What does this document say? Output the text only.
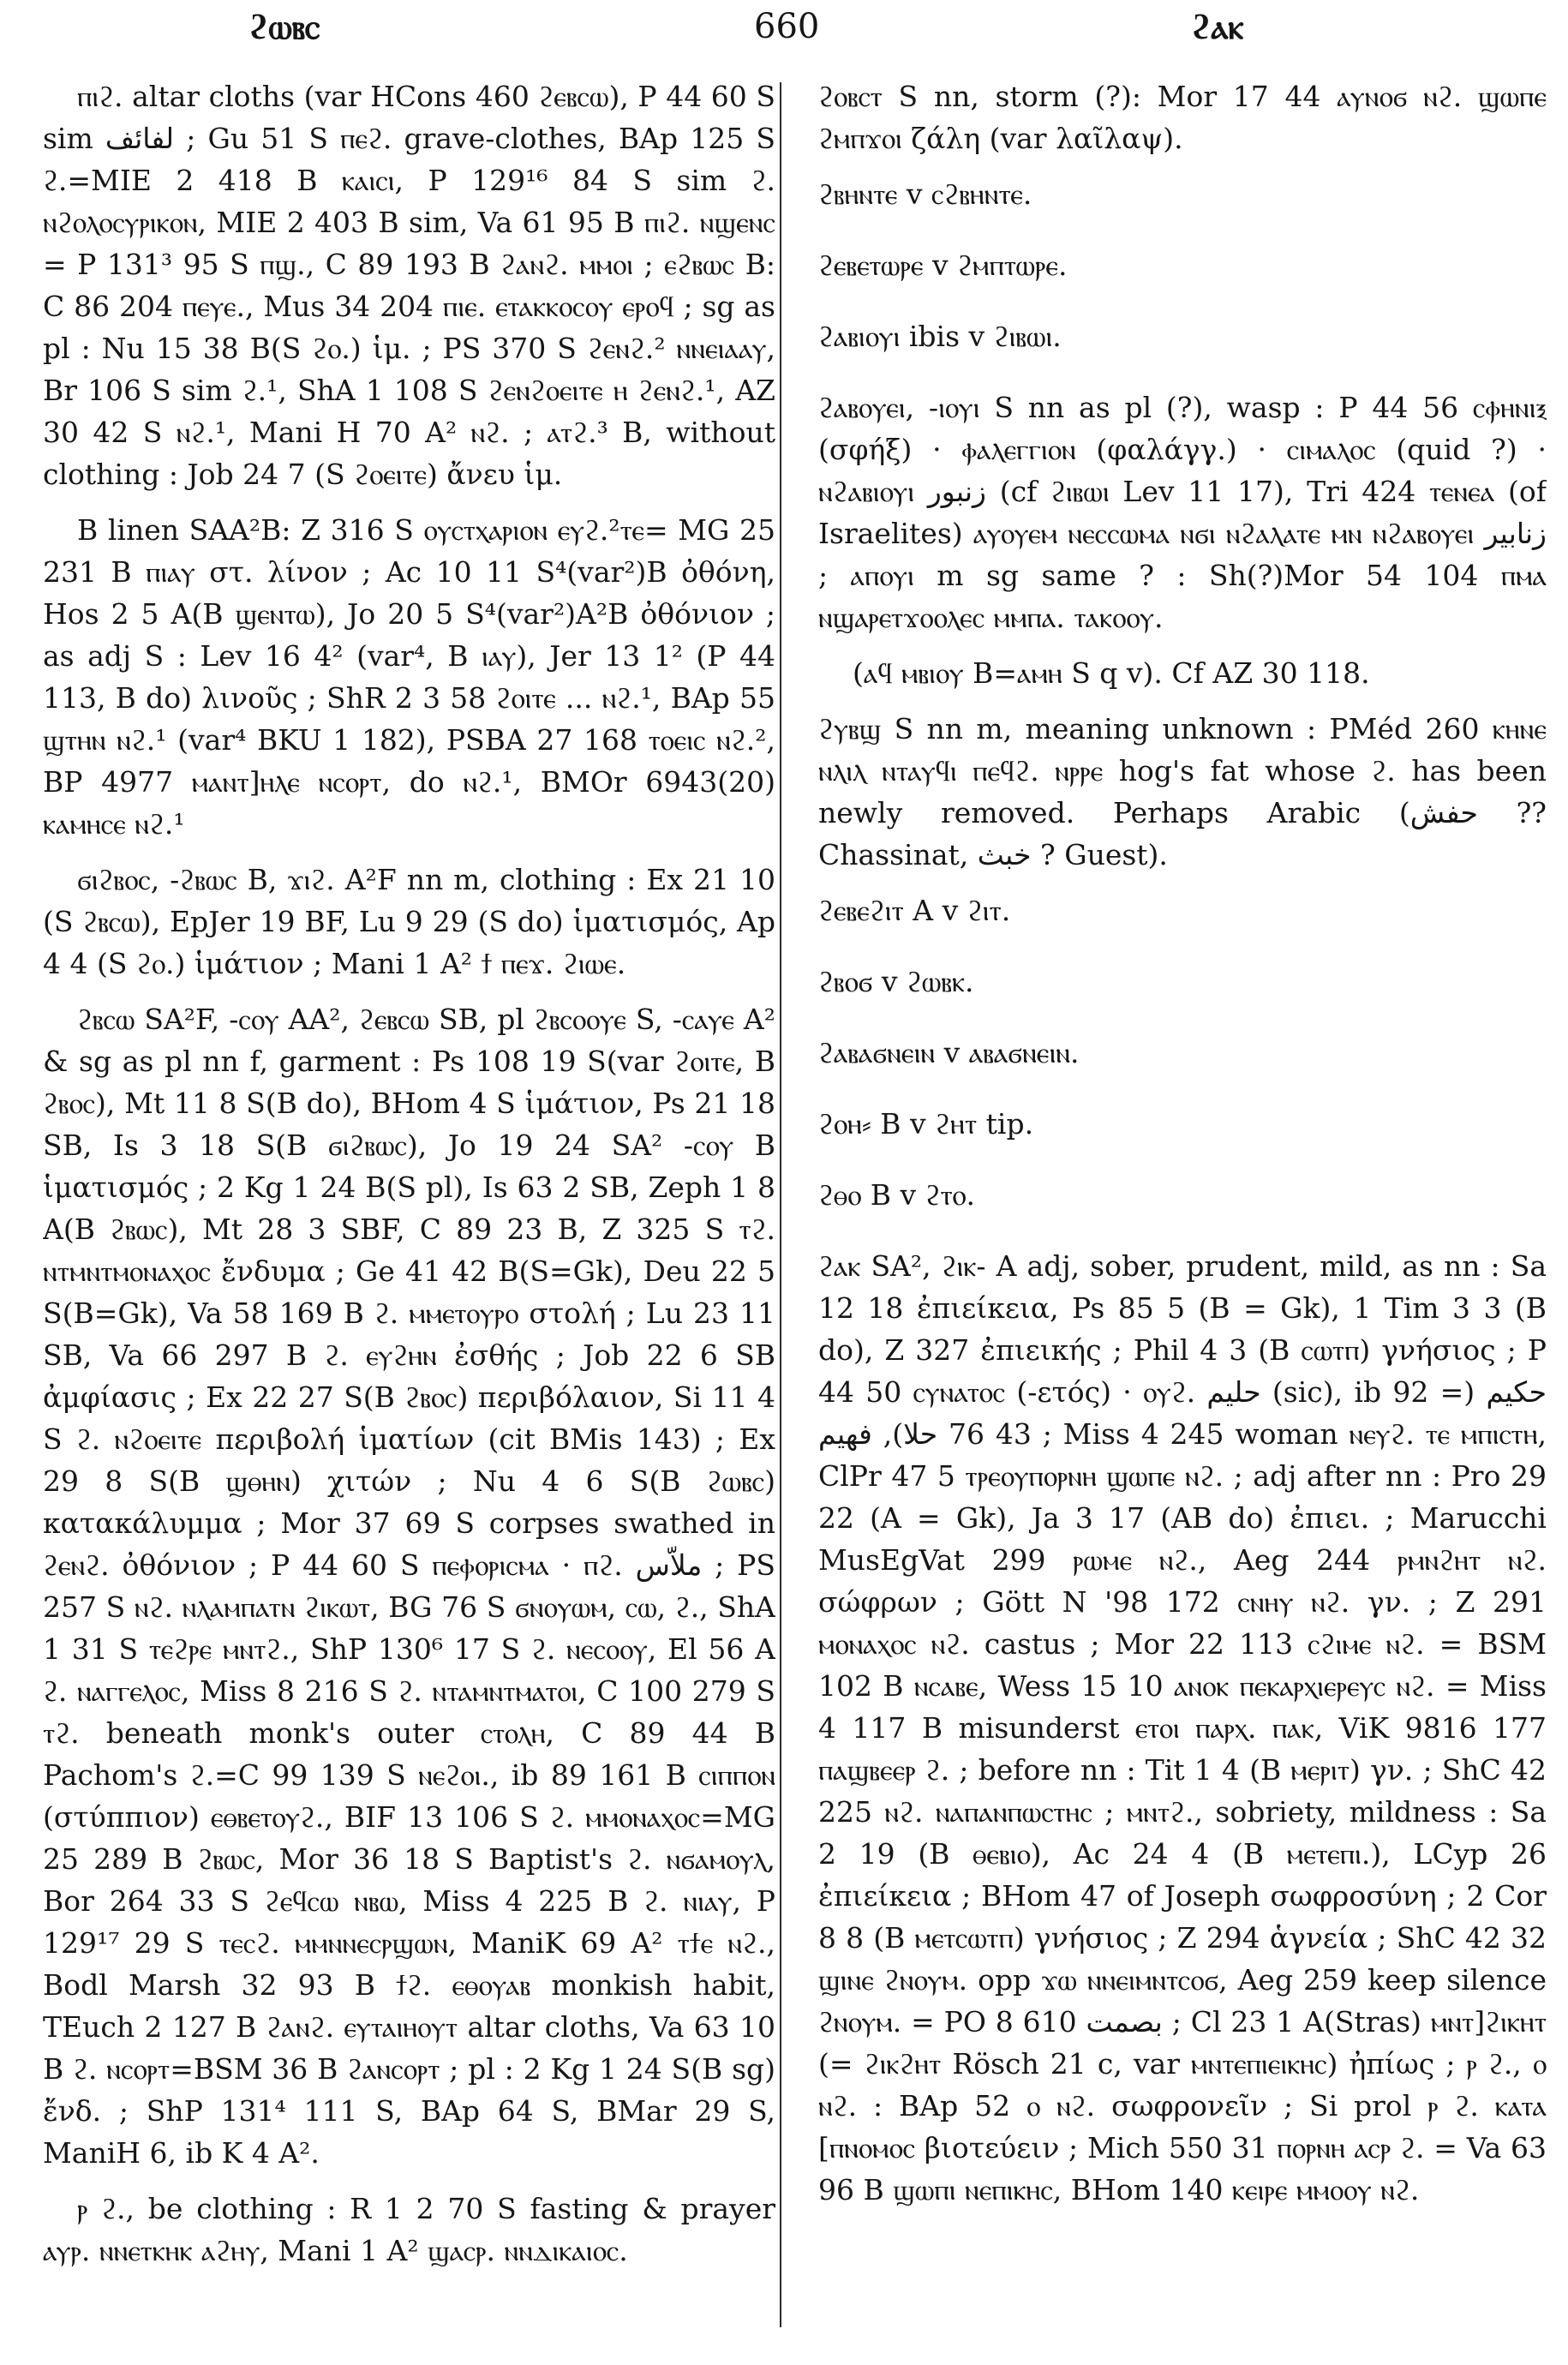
ϩⲱⲃⲥ	660	ϩⲁⲕ

ⲡⲓϩ. altar cloths (var HCons 460 ϩⲉⲃⲥⲱ), P 44 60 S sim لفائف ; Gu 51 S ⲡⲉϩ. grave-clothes, BAp 125 S ϩ.=MIE 2 418 B ⲕⲁⲓⲥⲓ, P 129¹⁶ 84 S sim ϩ. ⲛϩⲟⲗⲟⲥⲩⲣⲓⲕⲟⲛ, MIE 2 403 B sim, Va 61 95 B ⲡⲓϩ. ⲛϣⲉⲛⲥ = P 131³ 95 S ⲡϣ., C 89 193 B ϩⲁⲛϩ. ⲙⲙⲟⲓ ; ⲉϩⲃⲱⲥ B: C 86 204 ⲡⲉⲩⲉ., Mus 34 204 ⲡⲓⲉ. ⲉⲧⲁⲕⲕⲟⲥⲟⲩ ⲉⲣⲟϥ ; sg as pl : Nu 15 38 B(S ϩⲟ.) ἱμ. ; PS 370 S ϩⲉⲛϩ.² ⲛⲛⲉⲓⲁⲁⲩ, Br 106 S sim ϩ.¹, ShA 1 108 S ϩⲉⲛϩⲟⲉⲓⲧⲉ ⲏ ϩⲉⲛϩ.¹, AZ 30 42 S ⲛϩ.¹, Mani H 70 A² ⲛϩ. ; ⲁⲧϩ.³ B, without clothing : Job 24 7 (S ϩⲟⲉⲓⲧⲉ) ἄνευ ἱμ.

B linen SAA²B: Z 316 S ⲟⲩⲥⲧⲭⲁⲣⲓⲟⲛ ⲉⲩϩ.²ⲧⲉ= MG 25 231 B ⲡⲓⲁⲩ στ. λίνον ; Ac 10 11 S⁴(var²)B ὀθόνη, Hos 2 5 A(B ϣⲉⲛⲧⲱ), Jo 20 5 S⁴(var²)A²B ὀθόνιον ; as adj S : Lev 16 4² (var⁴, B ⲓⲁⲩ), Jer 13 1² (P 44 113, B do) λινοῦς ; ShR 2 3 58 ϩⲟⲓⲧⲉ ... ⲛϩ.¹, BAp 55 ϣⲧⲏⲛ ⲛϩ.¹ (var⁴ BKU 1 182), PSBA 27 168 ⲧⲟⲉⲓⲥ ⲛϩ.², BP 4977 ⲙⲁⲛⲧ]ⲏⲗⲉ ⲛⲥⲟⲣⲧ, do ⲛϩ.¹, BMOr 6943(20) ⲕⲁⲙⲏⲥⲉ ⲛϩ.¹

ϭⲓϩⲃⲟⲥ, -ϩⲃⲱⲥ B, ϫⲓϩ. A²F nn m, clothing : Ex 21 10 (S ϩⲃⲥⲱ), EpJer 19 BF, Lu 9 29 (S do) ἱματισμός, Ap 4 4 (S ϩⲟ.) ἱμάτιον ; Mani 1 A² ϯ ⲡⲉϫ. ϩⲓⲱⲉ.

ϩⲃⲥⲱ SA²F, -ⲥⲟⲩ AA², ϩⲉⲃⲥⲱ SB, pl ϩⲃⲥⲟⲟⲩⲉ S, -ⲥⲁⲩⲉ A² & sg as pl nn f, garment : Ps 108 19 S(var ϩⲟⲓⲧⲉ, B ϩⲃⲟⲥ), Mt 11 8 S(B do), BHom 4 S ἱμάτιον, Ps 21 18 SB, Is 3 18 S(B ϭⲓϩⲃⲱⲥ), Jo 19 24 SA² -ⲥⲟⲩ B ἱματισμός ; 2 Kg 1 24 B(S pl), Is 63 2 SB, Zeph 1 8 A(B ϩⲃⲱⲥ), Mt 28 3 SBF, C 89 23 B, Z 325 S ⲧϩ. ⲛⲧⲙⲛⲧⲙⲟⲛⲁⲭⲟⲥ ἔνδυμα ; Ge 41 42 B(S=Gk), Deu 22 5 S(B=Gk), Va 58 169 B ϩ. ⲙⲙⲉⲧⲟⲩⲣⲟ στολή ; Lu 23 11 SB, Va 66 297 B ϩ. ⲉⲩϩⲏⲛ ἐσθής ; Job 22 6 SB ἀμφίασις ; Ex 22 27 S(B ϩⲃⲟⲥ) περιβόλαιον, Si 11 4 S ϩ. ⲛϩⲟⲉⲓⲧⲉ περιβολή ἱματίων (cit BMis 143) ; Ex 29 8 S(B ϣⲑⲏⲛ) χιτών ; Nu 4 6 S(B ϩⲱⲃⲥ) κατακάλυμμα ; Mor 37 69 S corpses swathed in ϩⲉⲛϩ. ὀθόνιον ; P 44 60 S ⲡⲉⲫⲟⲣⲓⲥⲙⲁ · ⲡϩ. ملاّس ; PS 257 S ⲛϩ. ⲛⲗⲁⲙⲡⲁⲧⲛ ϩⲓⲕⲱⲧ, BG 76 S ϭⲛⲟⲩⲱⲙ, ⲥⲱ, ϩ., ShA 1 31 S ⲧⲉϩⲣⲉ ⲙⲛⲧϩ., ShP 130⁶ 17 S ϩ. ⲛⲉⲥⲟⲟⲩ, El 56 A ϩ. ⲛⲁⲅⲅⲉⲗⲟⲥ, Miss 8 216 S ϩ. ⲛⲧⲁⲙⲛⲧⲙⲁⲧⲟⲓ, C 100 279 S ⲧϩ. beneath monk's outer ⲥⲧⲟⲗⲏ, C 89 44 B Pachom's ϩ.=C 99 139 S ⲛⲉϩⲟⲓ., ib 89 161 B ⲥⲓⲡⲡⲟⲛ (στύππιον) ⲉⲑⲃⲉⲧⲟⲩϩ., BIF 13 106 S ϩ. ⲙⲙⲟⲛⲁⲭⲟⲥ=MG 25 289 B ϩⲃⲱⲥ, Mor 36 18 S Baptist's ϩ. ⲛϭⲁⲙⲟⲩⲗ, Bor 264 33 S ϩⲉϥⲥⲱ ⲛⲃⲱ, Miss 4 225 B ϩ. ⲛⲓⲁⲩ, P 129¹⁷ 29 S ⲧⲉⲥϩ. ⲙⲙⲛⲛⲉⲥⲣϣⲱⲛ, ManiK 69 A² ⲧϯⲉ ⲛϩ., Bodl Marsh 32 93 B ϯϩ. ⲉⲑⲟⲩⲁⲃ monkish habit, TEuch 2 127 B ϩⲁⲛϩ. ⲉⲩⲧⲁⲓⲏⲟⲩⲧ altar cloths, Va 63 10 B ϩ. ⲛⲥⲟⲣⲧ=BSM 36 B ϩⲁⲛⲥⲟⲣⲧ ; pl : 2 Kg 1 24 S(B sg) ἔνδ. ; ShP 131⁴ 111 S, BAp 64 S, BMar 29 S, ManiH 6, ib K 4 A².

ⲣ ϩ., be clothing : R 1 2 70 S fasting & prayer ⲁⲩⲣ. ⲛⲛⲉⲧⲕⲏⲕ ⲁϩⲏⲩ, Mani 1 A² ϣⲁⲥⲣ. ⲛⲛⲇⲓⲕⲁⲓⲟⲥ.

ϩⲟⲃⲥⲧ S nn, storm (?): Mor 17 44 ⲁⲩⲛⲟϭ ⲛϩ. ϣⲱⲡⲉ ϩⲙⲡϫⲟⲓ ζάλη (var λαῖλαψ).

ϩⲃⲏⲛⲧⲉ v ⲥϩⲃⲏⲛⲧⲉ.

ϩⲉⲃⲉⲧⲱⲣⲉ v ϩⲙⲡⲧⲱⲣⲉ.

ϩⲁⲃⲓⲟⲩⲓ ibis v ϩⲓⲃⲱⲓ.

ϩⲁⲃⲟⲩⲉⲓ, -ⲓⲟⲩⲓ S nn as pl (?), wasp : P 44 56 ⲥⲫⲏⲛⲓⲝ (σφήξ) · ⲫⲁⲗⲉⲅⲅⲓⲟⲛ (φαλάγγ.) · ⲥⲓⲙⲁⲗⲟⲥ (quid ?) · ⲛϩⲁⲃⲓⲟⲩⲓ زنبور (cf ϩⲓⲃⲱⲓ Lev 11 17), Tri 424 ⲧⲉⲛⲉⲁ (of Israelites) ⲁⲩⲟⲩⲉⲙ ⲛⲉⲥⲥⲱⲙⲁ ⲛϭⲓ ⲛϩⲁⲗⲁⲧⲉ ⲙⲛ ⲛϩⲁⲃⲟⲩⲉⲓ زنابير ; ⲁⲡⲟⲩⲓ m sg same ? : Sh(?)Mor 54 104 ⲡⲙⲁ ⲛϣⲁⲣⲉⲧϫⲟⲟⲗⲉⲥ ⲙⲙⲡⲁ. ⲧⲁⲕⲟⲟⲩ.

(ⲁϥ ⲙⲃⲓⲟⲩ B=ⲁⲙⲏ S q v). Cf AZ 30 118.

ϩⲩⲃϣ S nn m, meaning unknown : PMéd 260 ⲕⲏⲛⲉ ⲛⲗⲓⲗ ⲛⲧⲁⲩϥⲓ ⲡⲉϥϩ. ⲛⲣⲣⲉ hog's fat whose ϩ. has been newly removed. Perhaps Arabic (حفش ?? Chassinat, خبث ? Guest).

ϩⲉⲃⲉϩⲓⲧ A v ϩⲓⲧ.

ϩⲃⲟϭ v ϩⲱⲃⲕ.

ϩⲁⲃⲁϭⲛⲉⲓⲛ v ⲁⲃⲁϭⲛⲉⲓⲛ.

ϩⲟⲏ⸗ B v ϩⲏⲧ tip.

ϩⲑⲟ B v ϩⲧⲟ.

ϩⲁⲕ SA², ϩⲓⲕ- A adj, sober, prudent, mild, as nn : Sa 12 18 ἐπιείκεια, Ps 85 5 (B = Gk), 1 Tim 3 3 (B do), Z 327 ἐπιεικής ; Phil 4 3 (B ⲥⲱⲧⲡ) γνήσιος ; P 44 50 ⲥⲩⲛⲁⲧⲟⲥ (-ετός) · ⲟⲩϩ. حليم (sic), ib 92 حكيم (= 43 76 حلا), فهيم ; Miss 4 245 woman ⲛⲉⲩϩ. ⲧⲉ ⲙⲡⲓⲥⲧⲏ, ClPr 47 5 ⲧⲣⲉⲟⲩⲡⲟⲣⲛⲏ ϣⲱⲡⲉ ⲛϩ. ; adj after nn : Pro 29 22 (A = Gk), Ja 3 17 (AB do) ἐπιει. ; Marucchi MusEgVat 299 ⲣⲱⲙⲉ ⲛϩ., Aeg 244 ⲣⲙⲛϩⲏⲧ ⲛϩ. σώφρων ; Gött N '98 172 ⲥⲛⲏⲩ ⲛϩ. γν. ; Z 291 ⲙⲟⲛⲁⲭⲟⲥ ⲛϩ. castus ; Mor 22 113 ⲥϩⲓⲙⲉ ⲛϩ. = BSM 102 B ⲛⲥⲁⲃⲉ, Wess 15 10 ⲁⲛⲟⲕ ⲡⲉⲕⲁⲣⲭⲓⲉⲣⲉⲩⲥ ⲛϩ. = Miss 4 117 B misunderst ⲉⲧⲟⲓ ⲡⲁⲣⲭ. ⲡⲁⲕ, ViK 9816 177 ⲡⲁϣⲃⲉⲉⲣ ϩ. ; before nn : Tit 1 4 (B ⲙⲉⲣⲓⲧ) γν. ; ShC 42 225 ⲛϩ. ⲛⲁⲡⲁⲛⲡⲱⲥⲧⲏⲥ ; ⲙⲛⲧϩ., sobriety, mildness : Sa 2 19 (B ⲑⲉⲃⲓⲟ), Ac 24 4 (B ⲙⲉⲧⲉⲡⲓ.), LCyp 26 ἐπιείκεια ; BHom 47 of Joseph σωφροσύνη ; 2 Cor 8 8 (B ⲙⲉⲧⲥⲱⲧⲡ) γνήσιος ; Z 294 ἁγνεία ; ShC 42 32 ϣⲓⲛⲉ ϩⲛⲟⲩⲙ. opp ϫⲱ ⲛⲛⲉⲓⲙⲛⲧⲥⲟϭ, Aeg 259 keep silence ϩⲛⲟⲩⲙ. = PO 8 610 بصمت ; Cl 23 1 A(Stras) ⲙⲛⲧ]ϩⲓⲕⲏⲧ (= ϩⲓⲕϩⲏⲧ Rösch 21 c, var ⲙⲛⲧⲉⲡⲓⲉⲓⲕⲏⲥ) ἠπίως ; ⲣ ϩ., ⲟ ⲛϩ. : BAp 52 ⲟ ⲛϩ. σωφρονεῖν ; Si prol ⲣ ϩ. ⲕⲁⲧⲁ [ⲡⲛⲟⲙⲟⲥ βιοτεύειν ; Mich 550 31 ⲡⲟⲣⲛⲏ ⲁⲥⲣ ϩ. = Va 63 96 B ϣⲱⲡⲓ ⲛⲉⲡⲓⲕⲏⲥ, BHom 140 ⲕⲉⲓⲣⲉ ⲙⲙⲟⲟⲩ ⲛϩ.
